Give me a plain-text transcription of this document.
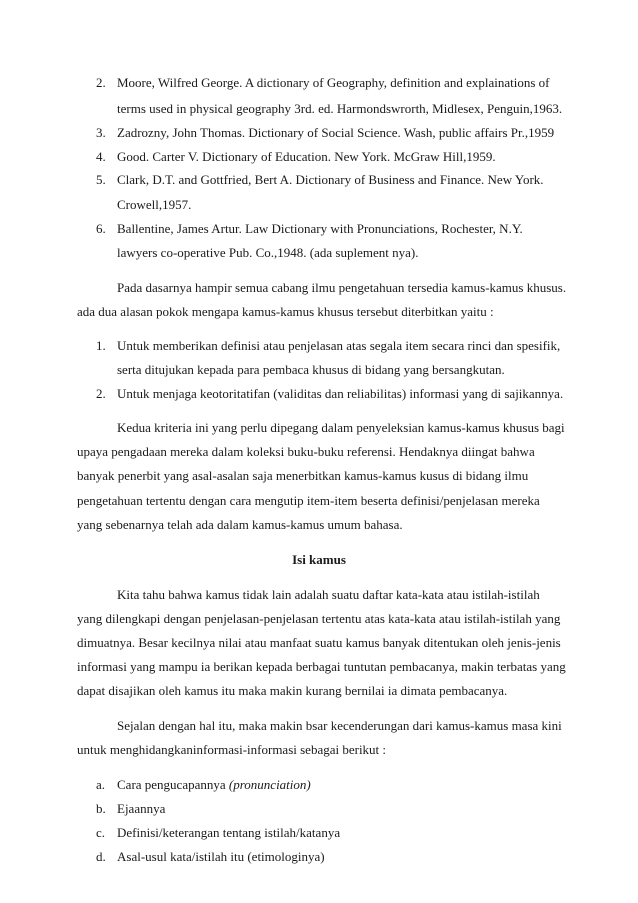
2. Moore, Wilfred George. A dictionary of Geography, definition and explainations of
terms used in physical geography 3rd. ed. Harmondswrorth, Midlesex, Penguin,1963.
3. Zadrozny, John Thomas. Dictionary of Social Science. Wash, public affairs Pr.,1959
4. Good. Carter V. Dictionary of Education. New York. McGraw Hill,1959.
5. Clark, D.T. and Gottfried, Bert A. Dictionary of Business and Finance. New York.
Crowell,1957.
6. Ballentine, James Artur. Law Dictionary with Pronunciations, Rochester, N.Y.
lawyers co-operative Pub. Co.,1948. (ada suplement nya).
Pada dasarnya hampir semua cabang ilmu pengetahuan tersedia kamus-kamus khusus.
ada dua alasan pokok mengapa kamus-kamus khusus tersebut diterbitkan yaitu :
1. Untuk memberikan definisi atau penjelasan atas segala item secara rinci dan spesifik,
serta ditujukan kepada para pembaca khusus di bidang yang bersangkutan.
2. Untuk menjaga keotoritatifan (validitas dan reliabilitas) informasi yang di sajikannya.
Kedua kriteria ini yang perlu dipegang dalam penyeleksian kamus-kamus khusus bagi
upaya pengadaan mereka dalam koleksi buku-buku referensi. Hendaknya diingat bahwa
banyak penerbit yang asal-asalan saja menerbitkan kamus-kamus kusus di bidang ilmu
pengetahuan tertentu dengan cara mengutip item-item beserta definisi/penjelasan mereka
yang sebenarnya telah ada dalam kamus-kamus umum bahasa.
Isi kamus
Kita tahu bahwa kamus tidak lain adalah suatu daftar kata-kata atau istilah-istilah
yang dilengkapi dengan penjelasan-penjelasan tertentu atas kata-kata atau istilah-istilah yang
dimuatnya. Besar kecilnya nilai atau manfaat suatu kamus banyak ditentukan oleh jenis-jenis
informasi yang mampu ia berikan kepada berbagai tuntutan pembacanya, makin terbatas yang
dapat disajikan oleh kamus itu maka makin kurang bernilai ia dimata pembacanya.
Sejalan dengan hal itu, maka makin bsar kecenderungan dari kamus-kamus masa kini
untuk menghidangkaninformasi-informasi sebagai berikut :
a. Cara pengucapannya (pronunciation)
b. Ejaannya
c. Definisi/keterangan tentang istilah/katanya
d. Asal-usul kata/istilah itu (etimologinya)
